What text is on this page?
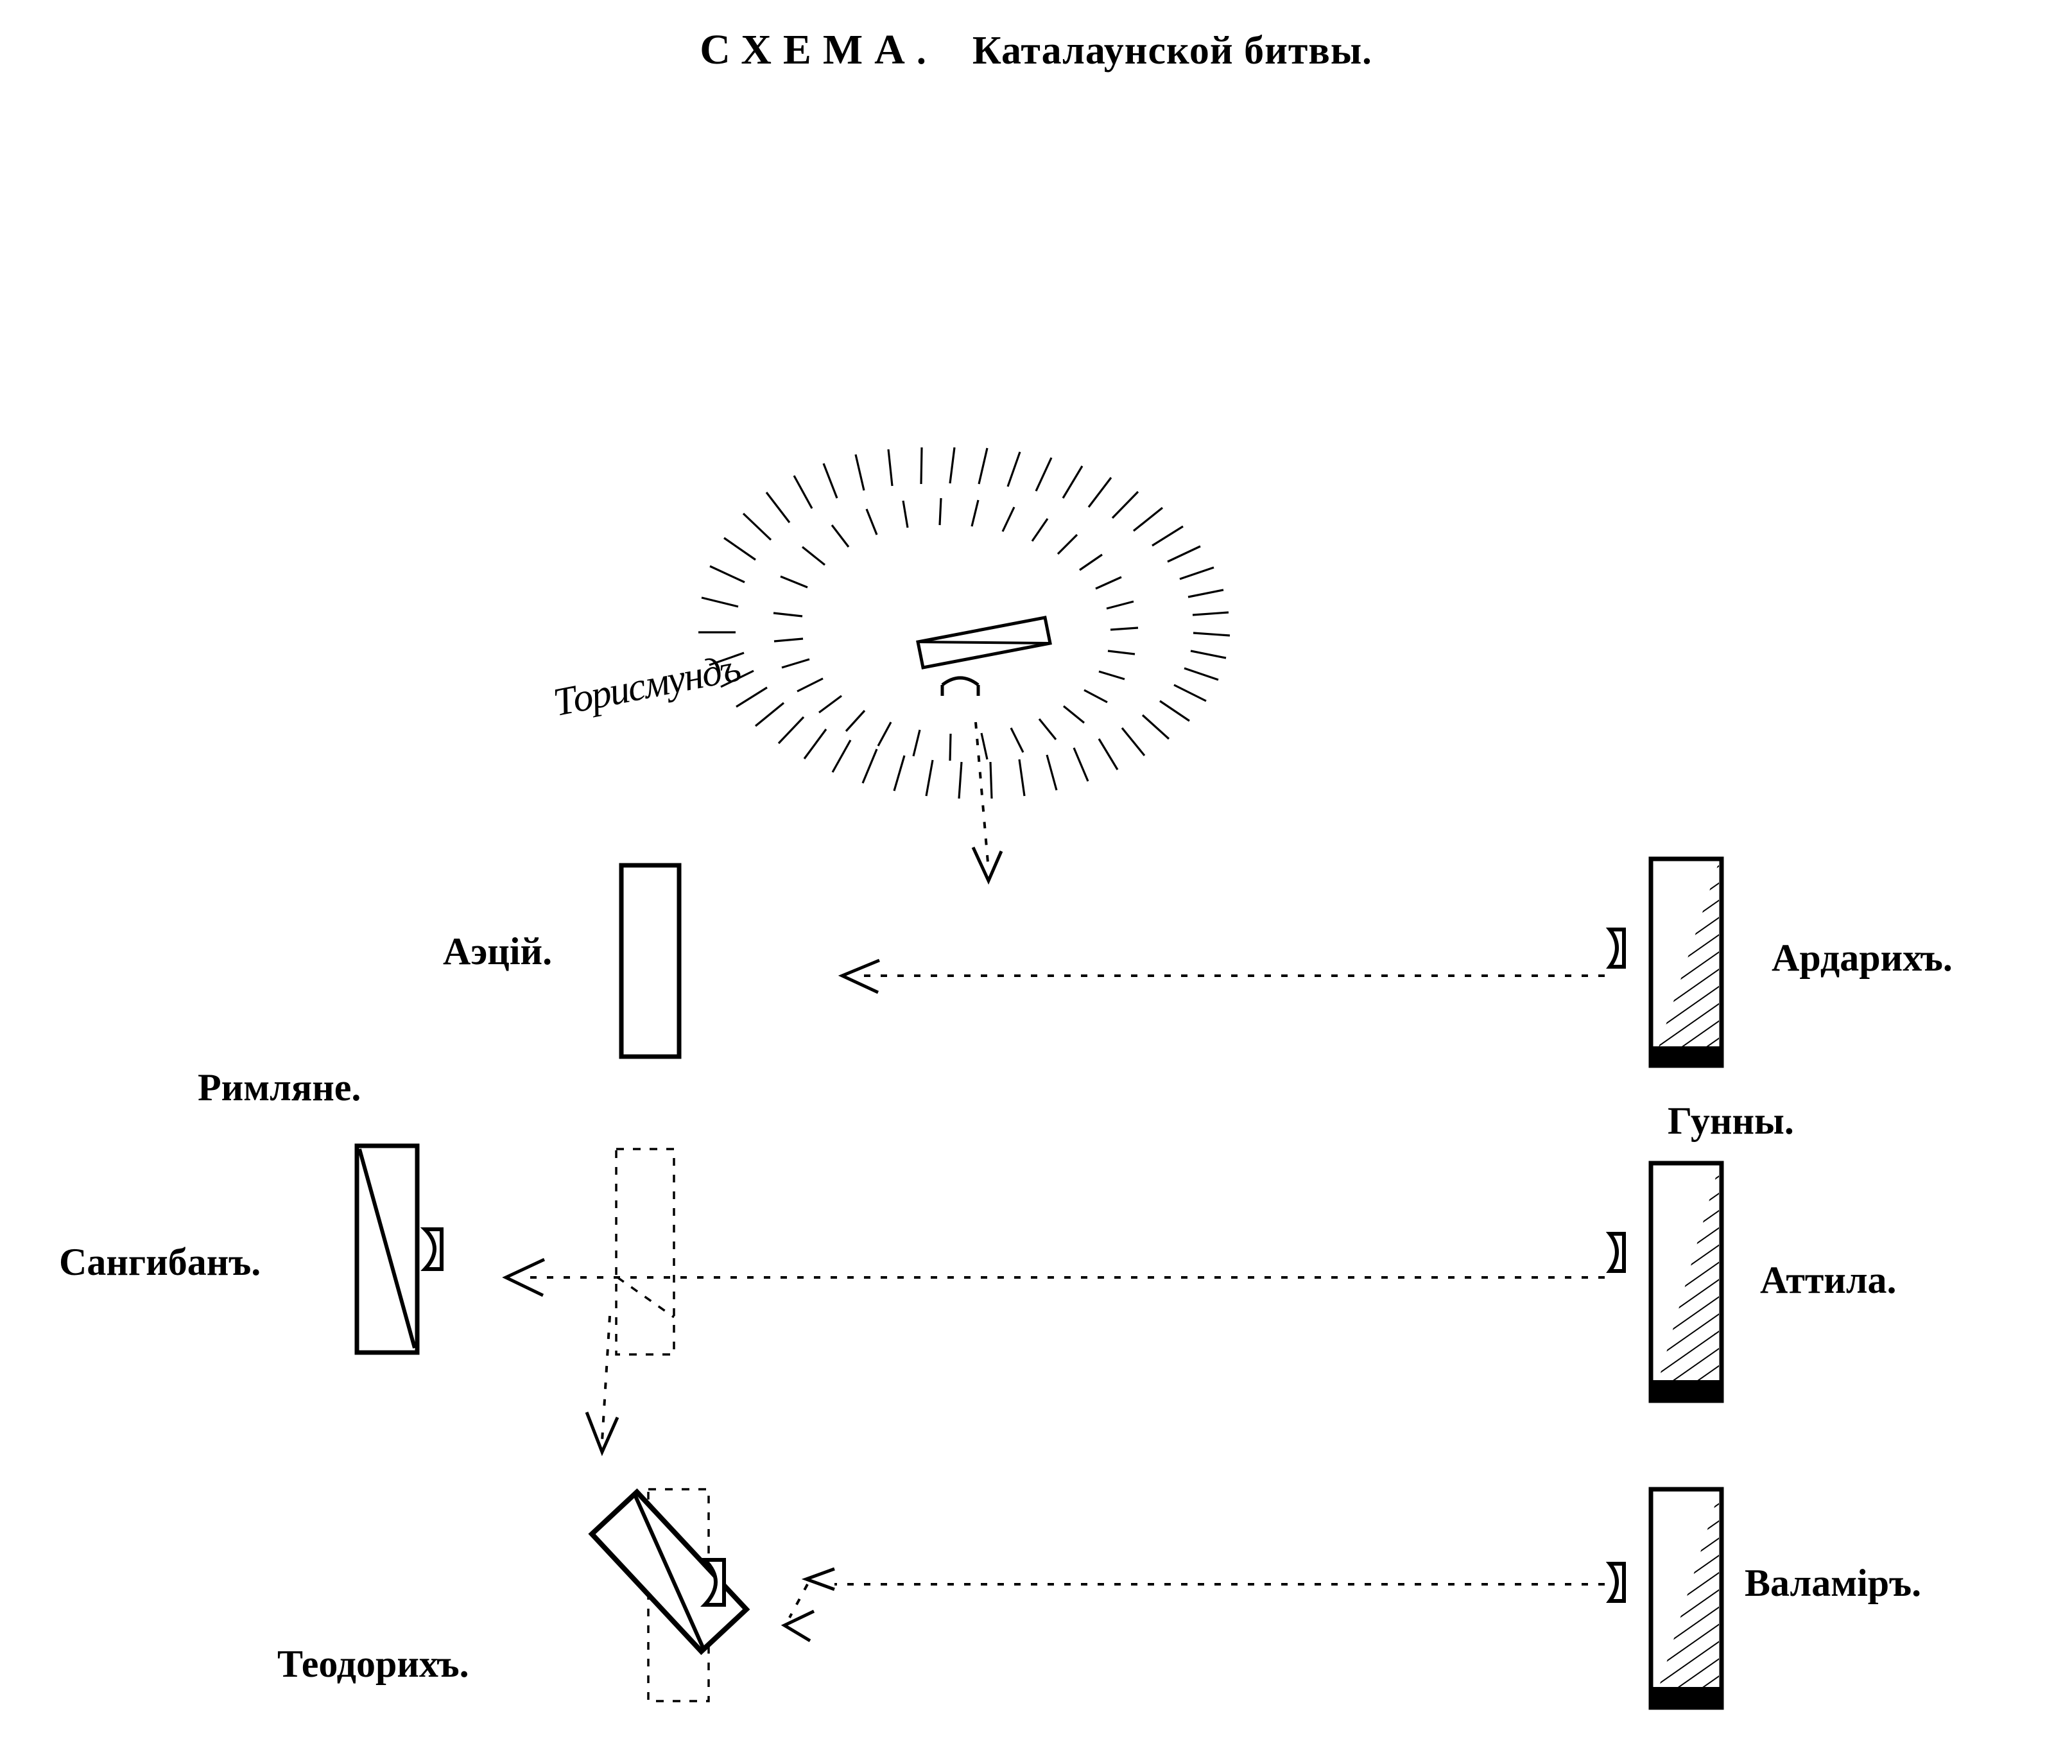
СХЕМА. Каталаунской битвы.
Торисмундъ
Аэцій.
Римляне.
Сангибанъ.
Теодорихъ.
Ардарихъ.
Гунны.
Аттила.
Валамiръ.
